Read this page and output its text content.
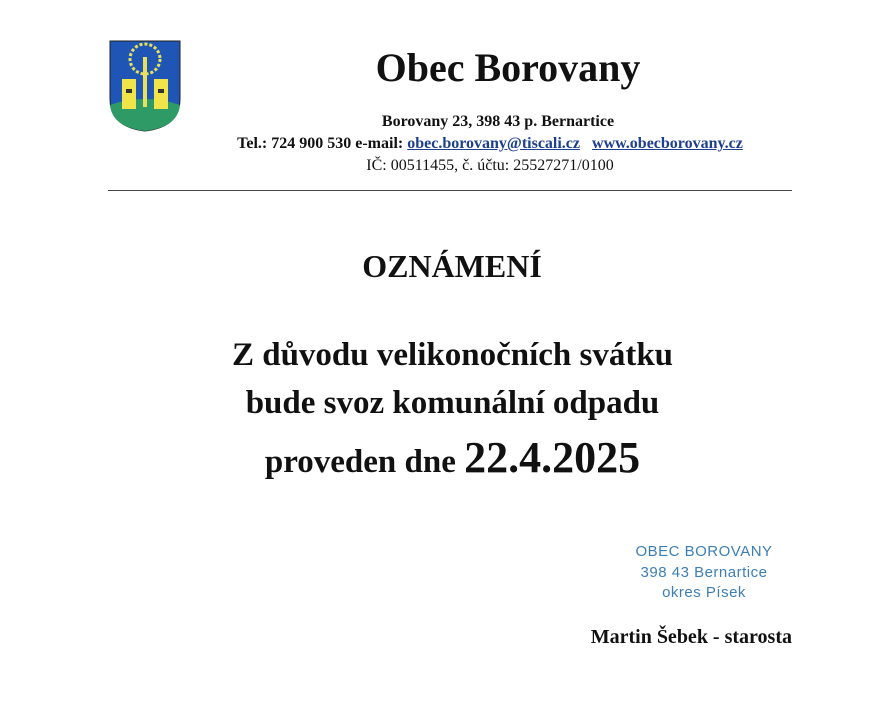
Obec Borovany
Borovany 23, 398 43 p. Bernartice
Tel.: 724 900 530 e-mail: obec.borovany@tiscali.cz www.obecborovany.cz
IČ: 00511455, č. účtu: 25527271/0100
OZNÁMENÍ
Z důvodu velikonočních svátku
bude svoz komunální odpadu
proveden dne 22.4.2025
OBEC BOROVANY
398 43 Bernartice
okres Písek
Martin Šebek - starosta
